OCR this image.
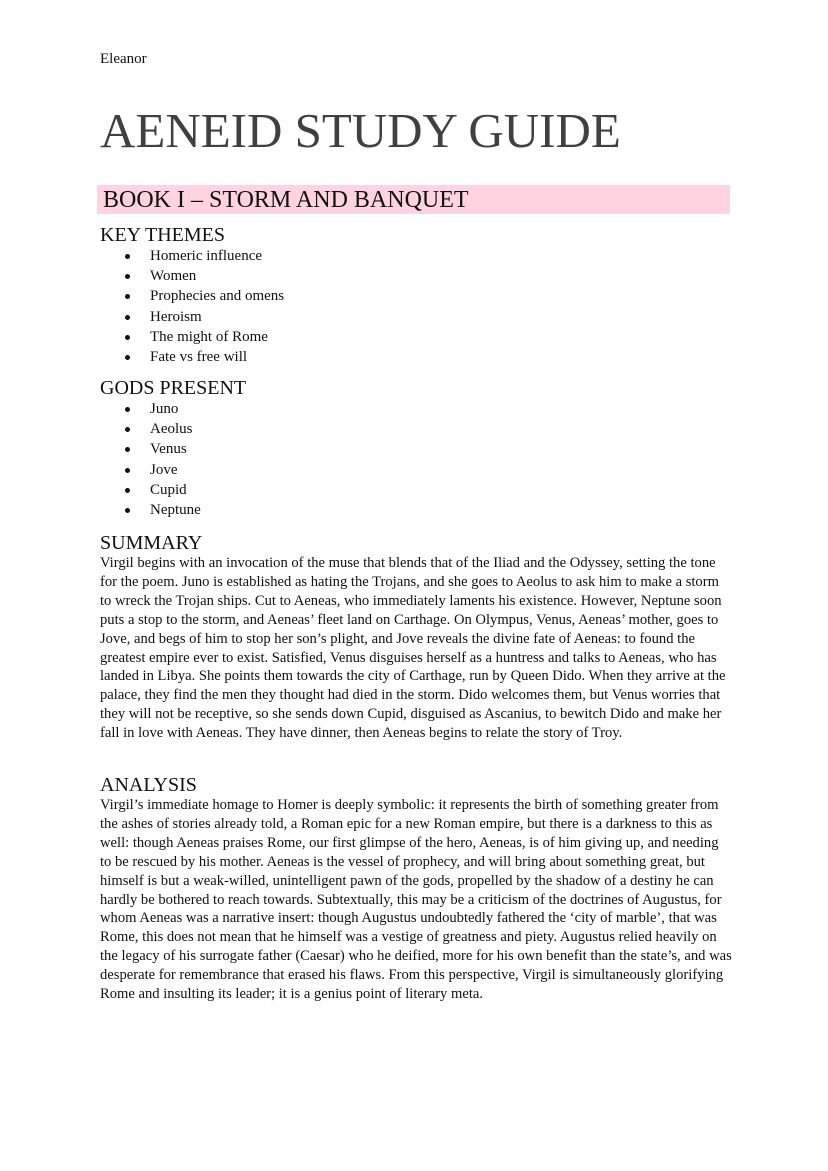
Eleanor
AENEID STUDY GUIDE
BOOK I – STORM AND BANQUET
KEY THEMES
Homeric influence
Women
Prophecies and omens
Heroism
The might of Rome
Fate vs free will
GODS PRESENT
Juno
Aeolus
Venus
Jove
Cupid
Neptune
SUMMARY

Virgil begins with an invocation of the muse that blends that of the Iliad and the Odyssey, setting the tone for the poem. Juno is established as hating the Trojans, and she goes to Aeolus to ask him to make a storm to wreck the Trojan ships. Cut to Aeneas, who immediately laments his existence. However, Neptune soon puts a stop to the storm, and Aeneas’ fleet land on Carthage. On Olympus, Venus, Aeneas’ mother, goes to Jove, and begs of him to stop her son’s plight, and Jove reveals the divine fate of Aeneas: to found the greatest empire ever to exist. Satisfied, Venus disguises herself as a huntress and talks to Aeneas, who has landed in Libya. She points them towards the city of Carthage, run by Queen Dido. When they arrive at the palace, they find the men they thought had died in the storm. Dido welcomes them, but Venus worries that they will not be receptive, so she sends down Cupid, disguised as Ascanius, to bewitch Dido and make her fall in love with Aeneas. They have dinner, then Aeneas begins to relate the story of Troy.

ANALYSIS

Virgil’s immediate homage to Homer is deeply symbolic: it represents the birth of something greater from the ashes of stories already told, a Roman epic for a new Roman empire, but there is a darkness to this as well: though Aeneas praises Rome, our first glimpse of the hero, Aeneas, is of him giving up, and needing to be rescued by his mother. Aeneas is the vessel of prophecy, and will bring about something great, but himself is but a weak-willed, unintelligent pawn of the gods, propelled by the shadow of a destiny he can hardly be bothered to reach towards. Subtextually, this may be a criticism of the doctrines of Augustus, for whom Aeneas was a narrative insert: though Augustus undoubtedly fathered the ‘city of marble’, that was Rome, this does not mean that he himself was a vestige of greatness and piety. Augustus relied heavily on the legacy of his surrogate father (Caesar) who he deified, more for his own benefit than the state’s, and was desperate for remembrance that erased his flaws. From this perspective, Virgil is simultaneously glorifying Rome and insulting its leader; it is a genius point of literary meta.
